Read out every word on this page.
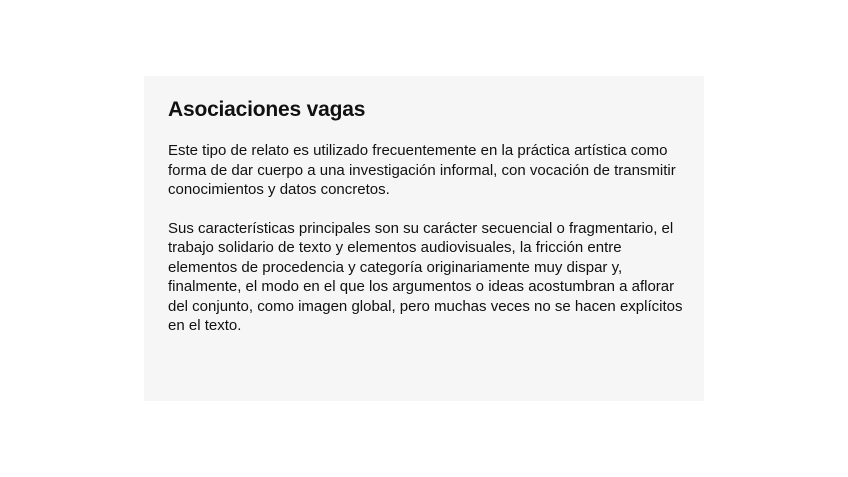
Asociaciones vagas

Este tipo de relato es utilizado frecuentemente en la práctica artística como forma de dar cuerpo a una investigación informal, con vocación de transmitir conocimientos y datos concretos.

Sus características principales son su carácter secuencial o fragmentario, el trabajo solidario de texto y elementos audiovisuales, la fricción entre elementos de procedencia y categoría originariamente muy dispar y, finalmente, el modo en el que los argumentos o ideas acostumbran a aflorar del conjunto, como imagen global, pero muchas veces no se hacen explícitos en el texto.
